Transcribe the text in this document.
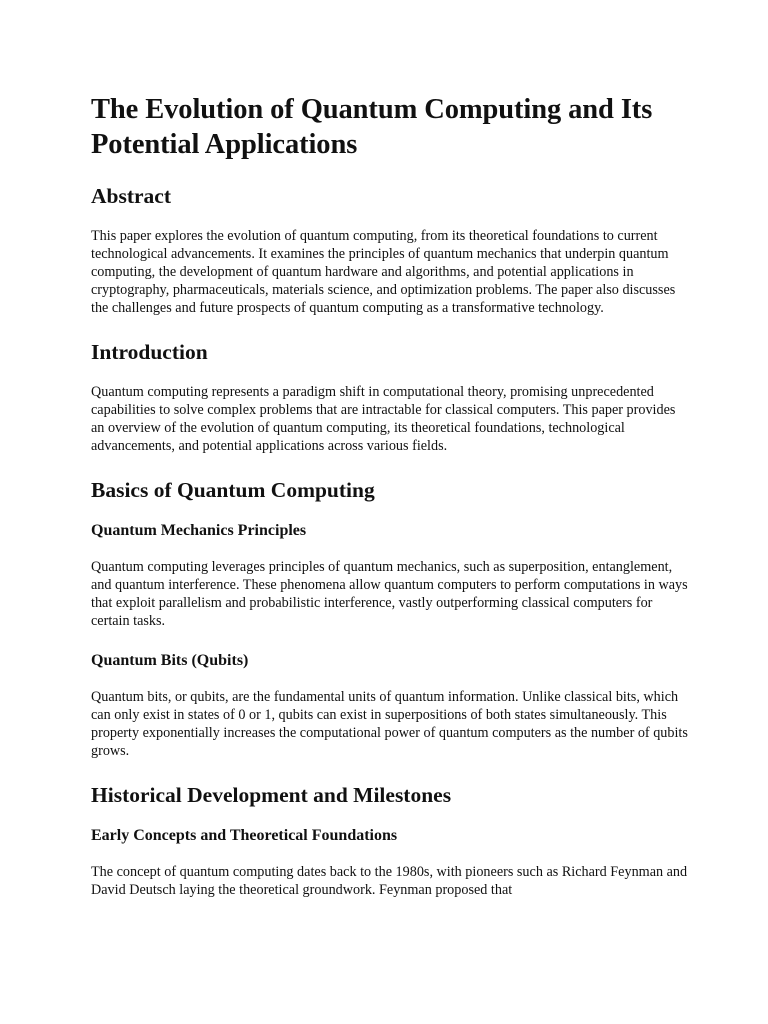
The Evolution of Quantum Computing and Its Potential Applications
Abstract

This paper explores the evolution of quantum computing, from its theoretical foundations to current technological advancements. It examines the principles of quantum mechanics that underpin quantum computing, the development of quantum hardware and algorithms, and potential applications in cryptography, pharmaceuticals, materials science, and optimization problems. The paper also discusses the challenges and future prospects of quantum computing as a transformative technology.

Introduction

Quantum computing represents a paradigm shift in computational theory, promising unprecedented capabilities to solve complex problems that are intractable for classical computers. This paper provides an overview of the evolution of quantum computing, its theoretical foundations, technological advancements, and potential applications across various fields.

Basics of Quantum Computing
Quantum Mechanics Principles

Quantum computing leverages principles of quantum mechanics, such as superposition, entanglement, and quantum interference. These phenomena allow quantum computers to perform computations in ways that exploit parallelism and probabilistic interference, vastly outperforming classical computers for certain tasks.

Quantum Bits (Qubits)

Quantum bits, or qubits, are the fundamental units of quantum information. Unlike classical bits, which can only exist in states of 0 or 1, qubits can exist in superpositions of both states simultaneously. This property exponentially increases the computational power of quantum computers as the number of qubits grows.

Historical Development and Milestones
Early Concepts and Theoretical Foundations

The concept of quantum computing dates back to the 1980s, with pioneers such as Richard Feynman and David Deutsch laying the theoretical groundwork. Feynman proposed that
